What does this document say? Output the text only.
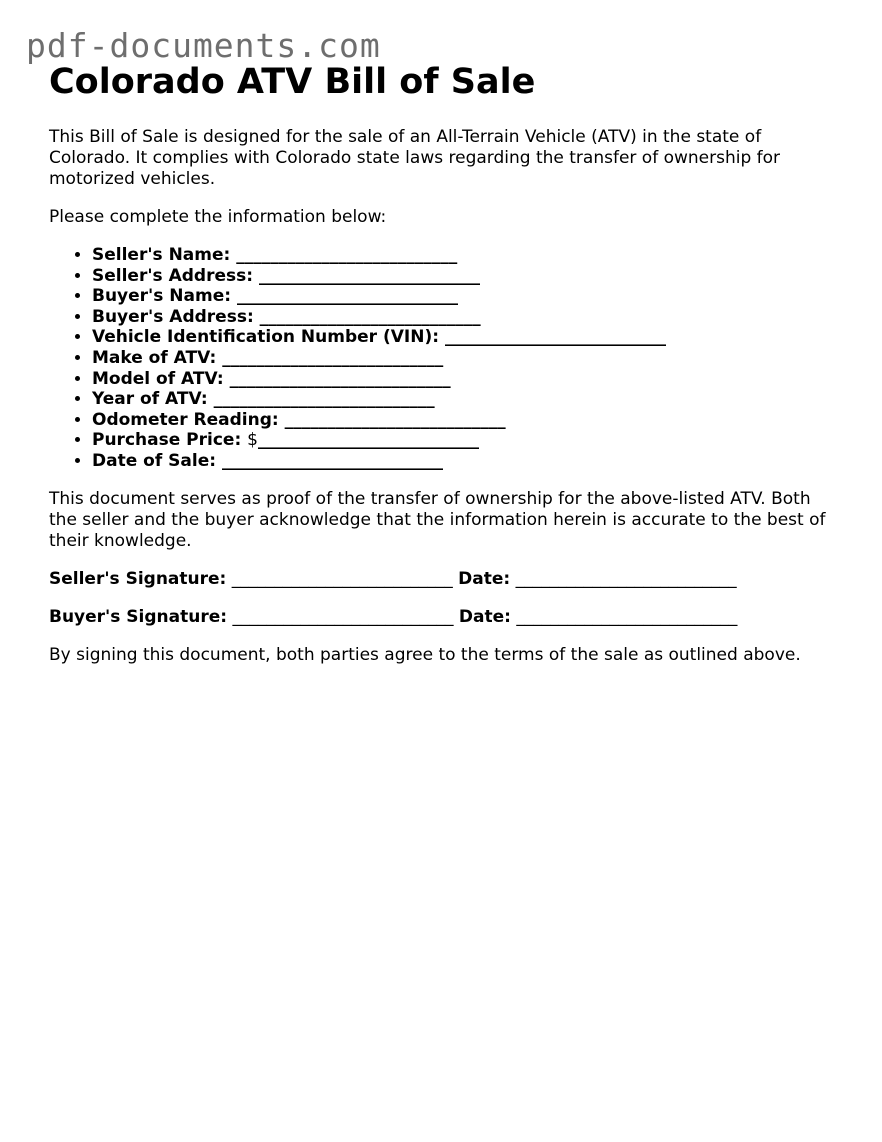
pdf-documents.com
Colorado ATV Bill of Sale

This Bill of Sale is designed for the sale of an All-Terrain Vehicle (ATV) in the state of Colorado. It complies with Colorado state laws regarding the transfer of ownership for motorized vehicles.

Please complete the information below:

• Seller's Name: __________________________
• Seller's Address: __________________________
• Buyer's Name: __________________________
• Buyer's Address: __________________________
• Vehicle Identification Number (VIN): __________________________
• Make of ATV: __________________________
• Model of ATV: __________________________
• Year of ATV: __________________________
• Odometer Reading: __________________________
• Purchase Price: $__________________________
• Date of Sale: __________________________

This document serves as proof of the transfer of ownership for the above-listed ATV. Both the seller and the buyer acknowledge that the information herein is accurate to the best of their knowledge.

Seller's Signature: __________________________ Date: __________________________
Buyer's Signature: __________________________ Date: __________________________

By signing this document, both parties agree to the terms of the sale as outlined above.
